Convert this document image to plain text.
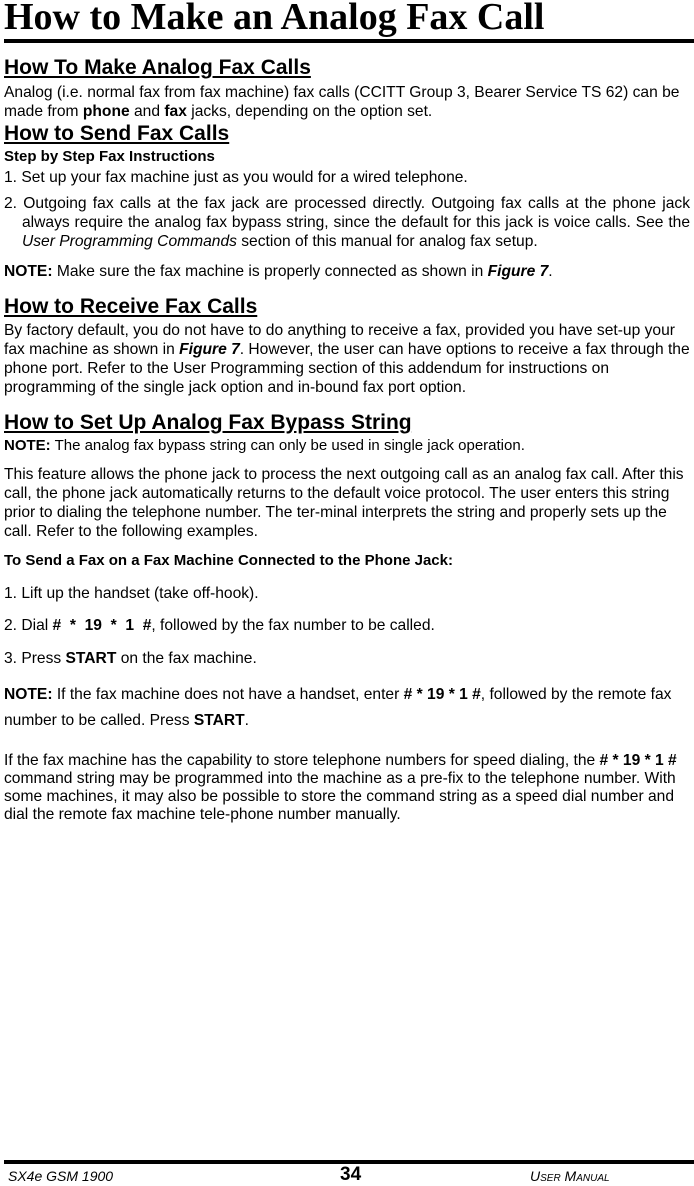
How to Make an Analog Fax Call
How To Make Analog Fax Calls

Analog (i.e. normal fax from fax machine) fax calls (CCITT Group 3, Bearer Service TS 62) can be made from phone and fax jacks, depending on the option set.

How to Send Fax Calls

Step by Step Fax Instructions

1. Set up your fax machine just as you would for a wired telephone.

2. Outgoing fax calls at the fax jack are processed directly. Outgoing fax calls at the phone jack always require the analog fax bypass string, since the default for this jack is voice calls. See the User Programming Commands section of this manual for analog fax setup.

NOTE: Make sure the fax machine is properly connected as shown in Figure 7.

How to Receive Fax Calls

By factory default, you do not have to do anything to receive a fax, provided you have set-up your fax machine as shown in Figure 7. However, the user can have options to receive a fax through the phone port. Refer to the User Programming section of this addendum for instructions on programming of the single jack option and in-bound fax port option.

How to Set Up Analog Fax Bypass String

NOTE: The analog fax bypass string can only be used in single jack operation.

This feature allows the phone jack to process the next outgoing call as an analog fax call. After this call, the phone jack automatically returns to the default voice protocol. The user enters this string prior to dialing the telephone number. The ter-minal interprets the string and properly sets up the call. Refer to the following examples.

To Send a Fax on a Fax Machine Connected to the Phone Jack:

1. Lift up the handset (take off-hook).

2. Dial #  *  19  *  1  #, followed by the fax number to be called.

3. Press START on the fax machine.

NOTE: If the fax machine does not have a handset, enter # * 19 * 1 #, followed by the remote fax number to be called. Press START.

If the fax machine has the capability to store telephone numbers for speed dialing, the # * 19 * 1 # command string may be programmed into the machine as a pre-fix to the telephone number. With some machines, it may also be possible to store the command string as a speed dial number and dial the remote fax machine tele-phone number manually.

SX4e GSM 1900	34	User Manual
